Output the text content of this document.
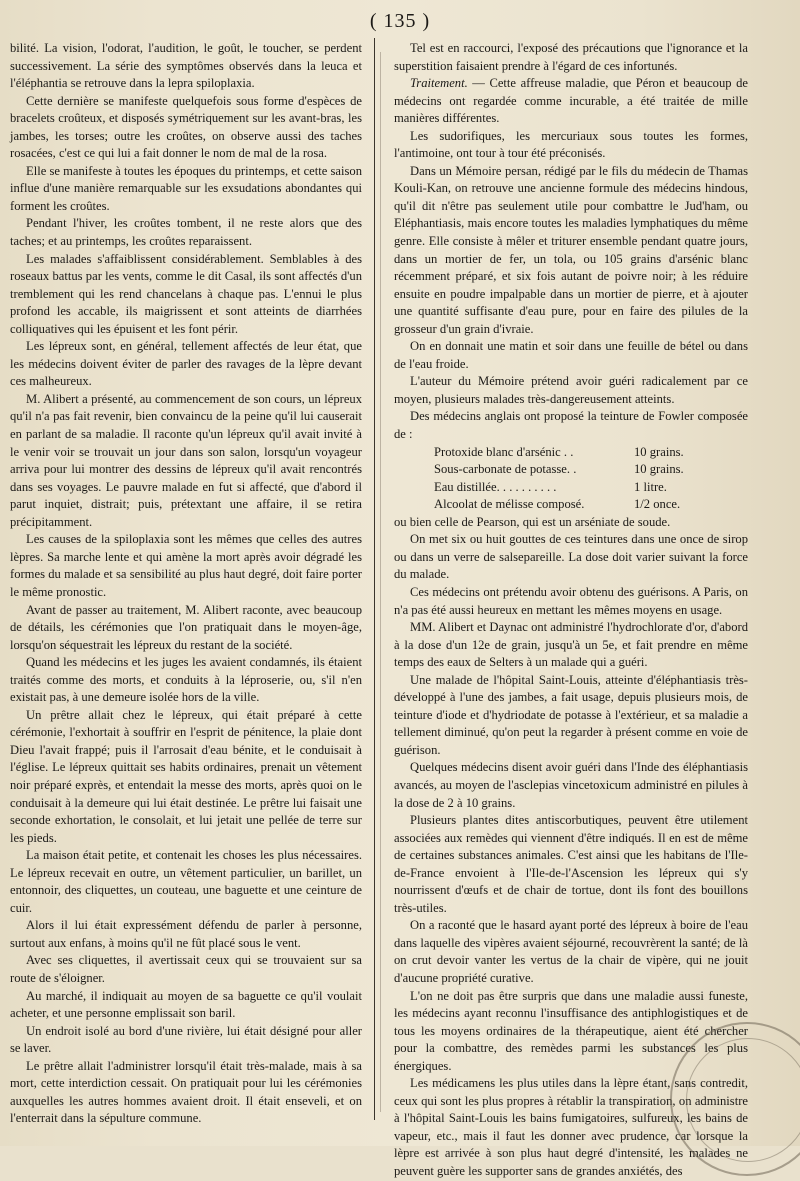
( 135 )

bilité. La vision, l'odorat, l'audition, le goût, le toucher, se perdent successivement. La série des symptômes observés dans la leuca et l'éléphantia se retrouve dans la lepra spiloplaxia.

Cette dernière se manifeste quelquefois sous forme d'espèces de bracelets croûteux, et disposés symétriquement sur les avant-bras, les jambes, les torses; outre les croûtes, on observe aussi des taches rosacées, c'est ce qui lui a fait donner le nom de mal de la rosa.

Elle se manifeste à toutes les époques du printemps, et cette saison influe d'une manière remarquable sur les exsudations abondantes qui forment les croûtes.

Pendant l'hiver, les croûtes tombent, il ne reste alors que des taches; et au printemps, les croûtes reparaissent.

Les malades s'affaiblissent considérablement. Semblables à des roseaux battus par les vents, comme le dit Casal, ils sont affectés d'un tremblement qui les rend chancelans à chaque pas. L'ennui le plus profond les accable, ils maigrissent et sont atteints de diarrhées colliquatives qui les épuisent et les font périr.

Les lépreux sont, en général, tellement affectés de leur état, que les médecins doivent éviter de parler des ravages de la lèpre devant ces malheureux.

M. Alibert a présenté, au commencement de son cours, un lépreux qu'il n'a pas fait revenir, bien convaincu de la peine qu'il lui causerait en parlant de sa maladie. Il raconte qu'un lépreux qu'il avait invité à le venir voir se trouvait un jour dans son salon, lorsqu'un voyageur arriva pour lui montrer des dessins de lépreux qu'il avait rencontrés dans ses voyages. Le pauvre malade en fut si affecté, que d'abord il parut inquiet, distrait; puis, prétextant une affaire, il se retira précipitamment.

Les causes de la spiloplaxia sont les mêmes que celles des autres lèpres. Sa marche lente et qui amène la mort après avoir dégradé les formes du malade et sa sensibilité au plus haut degré, doit faire porter le même pronostic.

Avant de passer au traitement, M. Alibert raconte, avec beaucoup de détails, les cérémonies que l'on pratiquait dans le moyen-âge, lorsqu'on séquestrait les lépreux du restant de la société.

Quand les médecins et les juges les avaient condamnés, ils étaient traités comme des morts, et conduits à la léproserie, ou, s'il n'en existait pas, à une demeure isolée hors de la ville.

Un prêtre allait chez le lépreux, qui était préparé à cette cérémonie, l'exhortait à souffrir en l'esprit de pénitence, la plaie dont Dieu l'avait frappé; puis il l'arrosait d'eau bénite, et le conduisait à l'église. Le lépreux quittait ses habits ordinaires, prenait un vêtement noir préparé exprès, et entendait la messe des morts, après quoi on le conduisait à la demeure qui lui était destinée. Le prêtre lui faisait une seconde exhortation, le consolait, et lui jetait une pellée de terre sur les pieds.

La maison était petite, et contenait les choses les plus nécessaires. Le lépreux recevait en outre, un vêtement particulier, un barillet, un entonnoir, des cliquettes, un couteau, une baguette et une ceinture de cuir.

Alors il lui était expressément défendu de parler à personne, surtout aux enfans, à moins qu'il ne fût placé sous le vent.

Avec ses cliquettes, il avertissait ceux qui se trouvaient sur sa route de s'éloigner.

Au marché, il indiquait au moyen de sa baguette ce qu'il voulait acheter, et une personne emplissait son baril.

Un endroit isolé au bord d'une rivière, lui était désigné pour aller se laver.

Le prêtre allait l'administrer lorsqu'il était très-malade, mais à sa mort, cette interdiction cessait. On pratiquait pour lui les cérémonies auxquelles les autres hommes avaient droit. Il était enseveli, et on l'enterrait dans la sépulture commune.

Tel est en raccourci, l'exposé des précautions que l'ignorance et la superstition faisaient prendre à l'égard de ces infortunés.

Traitement. — Cette affreuse maladie, que Péron et beaucoup de médecins ont regardée comme incurable, a été traitée de mille manières différentes.

Les sudorifiques, les mercuriaux sous toutes les formes, l'antimoine, ont tour à tour été préconisés.

Dans un Mémoire persan, rédigé par le fils du médecin de Thamas Kouli-Kan, on retrouve une ancienne formule des médecins hindous, qu'il dit n'être pas seulement utile pour combattre le Jud'ham, ou Eléphantiasis, mais encore toutes les maladies lymphatiques du même genre. Elle consiste à mêler et triturer ensemble pendant quatre jours, dans un mortier de fer, un tola, ou 105 grains d'arsénic blanc récemment préparé, et six fois autant de poivre noir; à les réduire ensuite en poudre impalpable dans un mortier de pierre, et à ajouter une quantité suffisante d'eau pure, pour en faire des pilules de la grosseur d'un grain d'ivraie.

On en donnait une matin et soir dans une feuille de bétel ou dans de l'eau froide.

L'auteur du Mémoire prétend avoir guéri radicalement par ce moyen, plusieurs malades très-dangereusement atteints.

Des médecins anglais ont proposé la teinture de Fowler composée de :

Protoxide blanc d'arsénic . .	10 grains.
Sous-carbonate de potasse. .	10 grains.
Eau distillée. . . . . . . . . .	1 litre.
Alcoolat de mélisse composé.	1/2 once.

ou bien celle de Pearson, qui est un arséniate de soude.

On met six ou huit gouttes de ces teintures dans une once de sirop ou dans un verre de salsepareille. La dose doit varier suivant la force du malade.

Ces médecins ont prétendu avoir obtenu des guérisons. A Paris, on n'a pas été aussi heureux en mettant les mêmes moyens en usage.

MM. Alibert et Daynac ont administré l'hydrochlorate d'or, d'abord à la dose d'un 12e de grain, jusqu'à un 5e, et fait prendre en même temps des eaux de Selters à un malade qui a guéri.

Une malade de l'hôpital Saint-Louis, atteinte d'éléphantiasis très-développé à l'une des jambes, a fait usage, depuis plusieurs mois, de teinture d'iode et d'hydriodate de potasse à l'extérieur, et sa maladie a tellement diminué, qu'on peut la regarder à présent comme en voie de guérison.

Quelques médecins disent avoir guéri dans l'Inde des éléphantiasis avancés, au moyen de l'asclepias vincetoxicum administré en pilules à la dose de 2 à 10 grains.

Plusieurs plantes dites antiscorbutiques, peuvent être utilement associées aux remèdes qui viennent d'être indiqués. Il en est de même de certaines substances animales. C'est ainsi que les habitans de l'Ile-de-France envoient à l'Ile-de-l'Ascension les lépreux qui s'y nourrissent d'œufs et de chair de tortue, dont ils font des bouillons très-utiles.

On a raconté que le hasard ayant porté des lépreux à boire de l'eau dans laquelle des vipères avaient séjourné, recouvrèrent la santé; de là on crut devoir vanter les vertus de la chair de vipère, qui ne jouit d'aucune propriété curative.

L'on ne doit pas être surpris que dans une maladie aussi funeste, les médecins ayant reconnu l'insuffisance des antiphlogistiques et de tous les moyens ordinaires de la thérapeutique, aient été chercher pour la combattre, des remèdes parmi les substances les plus énergiques.

Les médicamens les plus utiles dans la lèpre étant, sans contredit, ceux qui sont les plus propres à rétablir la transpiration, on administre à l'hôpital Saint-Louis les bains fumigatoires, sulfureux, les bains de vapeur, etc., mais il faut les donner avec prudence, car lorsque la lèpre est arrivée à son plus haut degré d'intensité, les malades ne peuvent guère les supporter sans de grandes anxiétés, des
